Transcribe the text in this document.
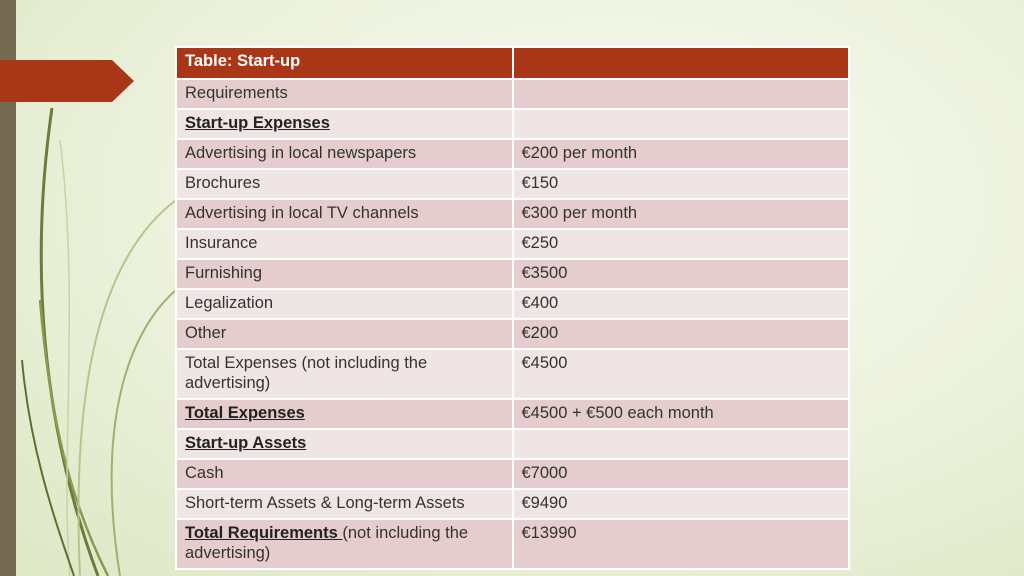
Table: Start-up	
Requirements	
Start-up Expenses	
Advertising in local newspapers	€200 per month
Brochures	€150
Advertising in local TV channels	€300 per month
Insurance	€250
Furnishing	€3500
Legalization	€400
Other	€200
Total Expenses (not including the advertising)	€4500
Total Expenses	€4500 + €500 each month
Start-up Assets	
Cash	€7000
Short-term Assets & Long-term Assets	€9490
Total Requirements (not including the advertising)	€13990
